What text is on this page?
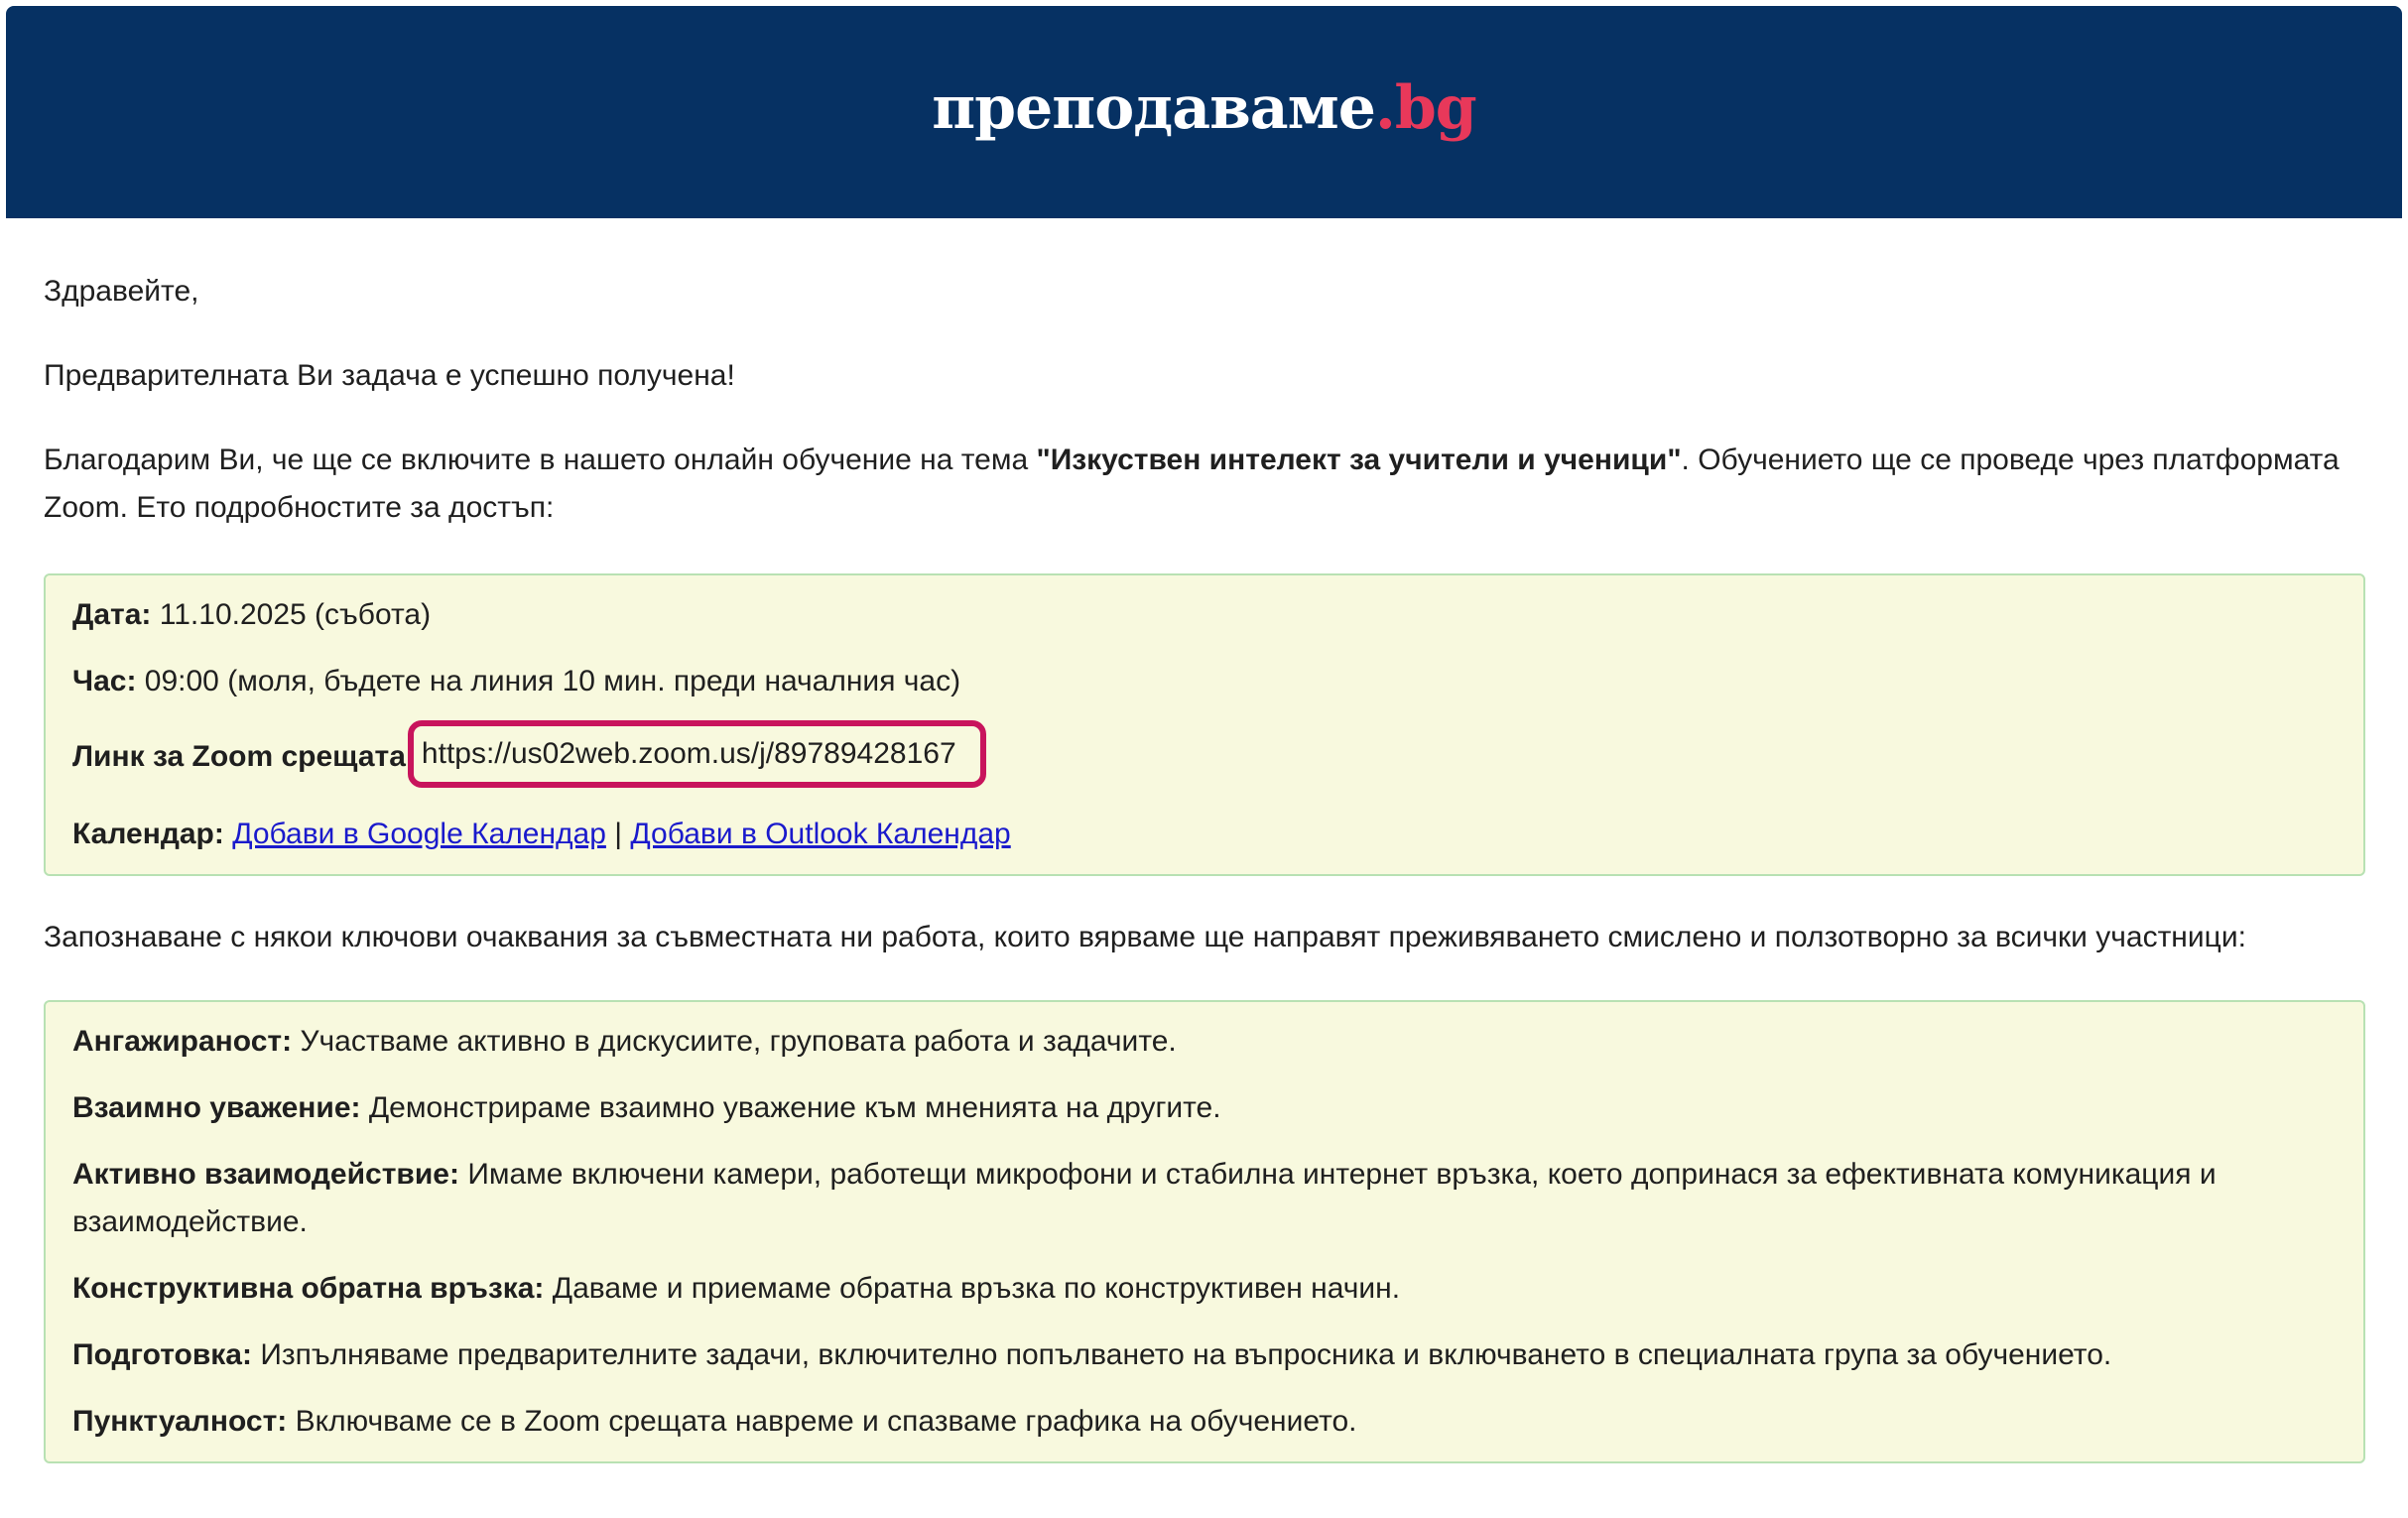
преподаваме.bg

Здравейте,

Предварителната Ви задача е успешно получена!

Благодарим Ви, че ще се включите в нашето онлайн обучение на тема "Изкуствен интелект за учители и ученици". Обучението ще се проведе чрез платформата Zoom. Ето подробностите за достъп:

Дата: 11.10.2025 (събота)

Час: 09:00 (моля, бъдете на линия 10 мин. преди началния час)

Линк за Zoom срещата https://us02web.zoom.us/j/89789428167

Календар: Добави в Google Календар | Добави в Outlook Календар

Запознаване с някои ключови очаквания за съвместната ни работа, които вярваме ще направят преживяването смислено и ползотворно за всички участници:

Ангажираност: Участваме активно в дискусиите, груповата работа и задачите.

Взаимно уважение: Демонстрираме взаимно уважение към мненията на другите.

Активно взаимодействие: Имаме включени камери, работещи микрофони и стабилна интернет връзка, което допринася за ефективната комуникация и взаимодействие.

Конструктивна обратна връзка: Даваме и приемаме обратна връзка по конструктивен начин.

Подготовка: Изпълняваме предварителните задачи, включително попълването на въпросника и включването в специалната група за обучението.

Пунктуалност: Включваме се в Zoom срещата навреме и спазваме графика на обучението.
